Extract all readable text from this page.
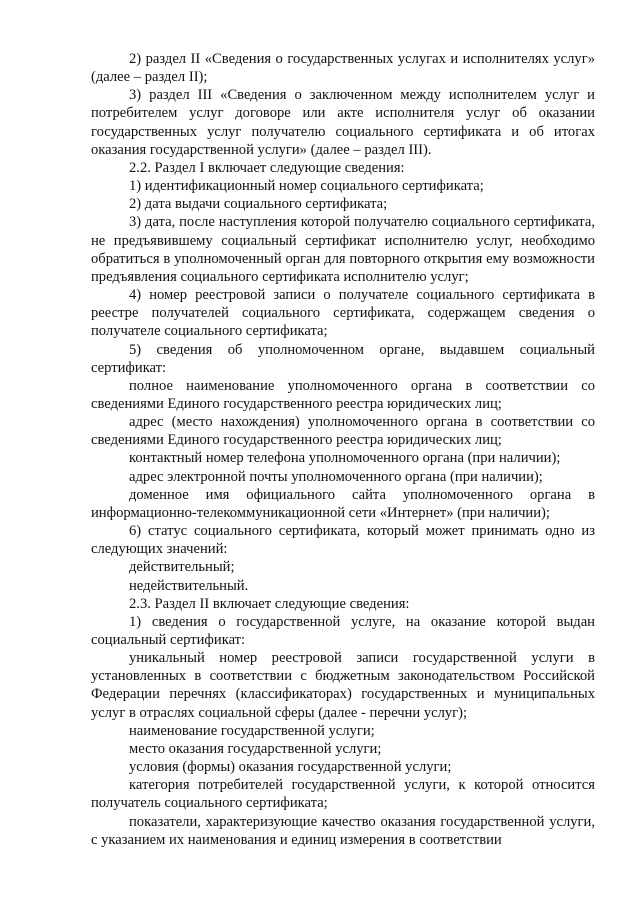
2) раздел II «Сведения о государственных услугах и исполнителях услуг» (далее – раздел II);

3) раздел III «Сведения о заключенном между исполнителем услуг и потребителем услуг договоре или акте исполнителя услуг об оказании государственных услуг получателю социального сертификата и об итогах оказания государственной услуги» (далее – раздел III).

2.2. Раздел I включает следующие сведения:

1) идентификационный номер социального сертификата;

2) дата выдачи социального сертификата;

3) дата, после наступления которой получателю социального сертификата, не предъявившему социальный сертификат исполнителю услуг, необходимо обратиться в уполномоченный орган для повторного открытия ему возможности предъявления социального сертификата исполнителю услуг;

4) номер реестровой записи о получателе социального сертификата в реестре получателей социального сертификата, содержащем сведения о получателе социального сертификата;

5) сведения об уполномоченном органе, выдавшем социальный сертификат:

полное наименование уполномоченного органа в соответствии со сведениями Единого государственного реестра юридических лиц;

адрес (место нахождения) уполномоченного органа в соответствии со сведениями Единого государственного реестра юридических лиц;

контактный номер телефона уполномоченного органа (при наличии);

адрес электронной почты уполномоченного органа (при наличии);

доменное имя официального сайта уполномоченного органа в информационно-телекоммуникационной сети «Интернет» (при наличии);

6) статус социального сертификата, который может принимать одно из следующих значений:

действительный;

недействительный.

2.3. Раздел II включает следующие сведения:

1) сведения о государственной услуге, на оказание которой выдан социальный сертификат:

уникальный номер реестровой записи государственной услуги в установленных в соответствии с бюджетным законодательством Российской Федерации перечнях (классификаторах) государственных и муниципальных услуг в отраслях социальной сферы (далее - перечни услуг);

наименование государственной услуги;

место оказания государственной услуги;

условия (формы) оказания государственной услуги;

категория потребителей государственной услуги, к которой относится получатель социального сертификата;

показатели, характеризующие качество оказания государственной услуги, с указанием их наименования и единиц измерения в соответствии
